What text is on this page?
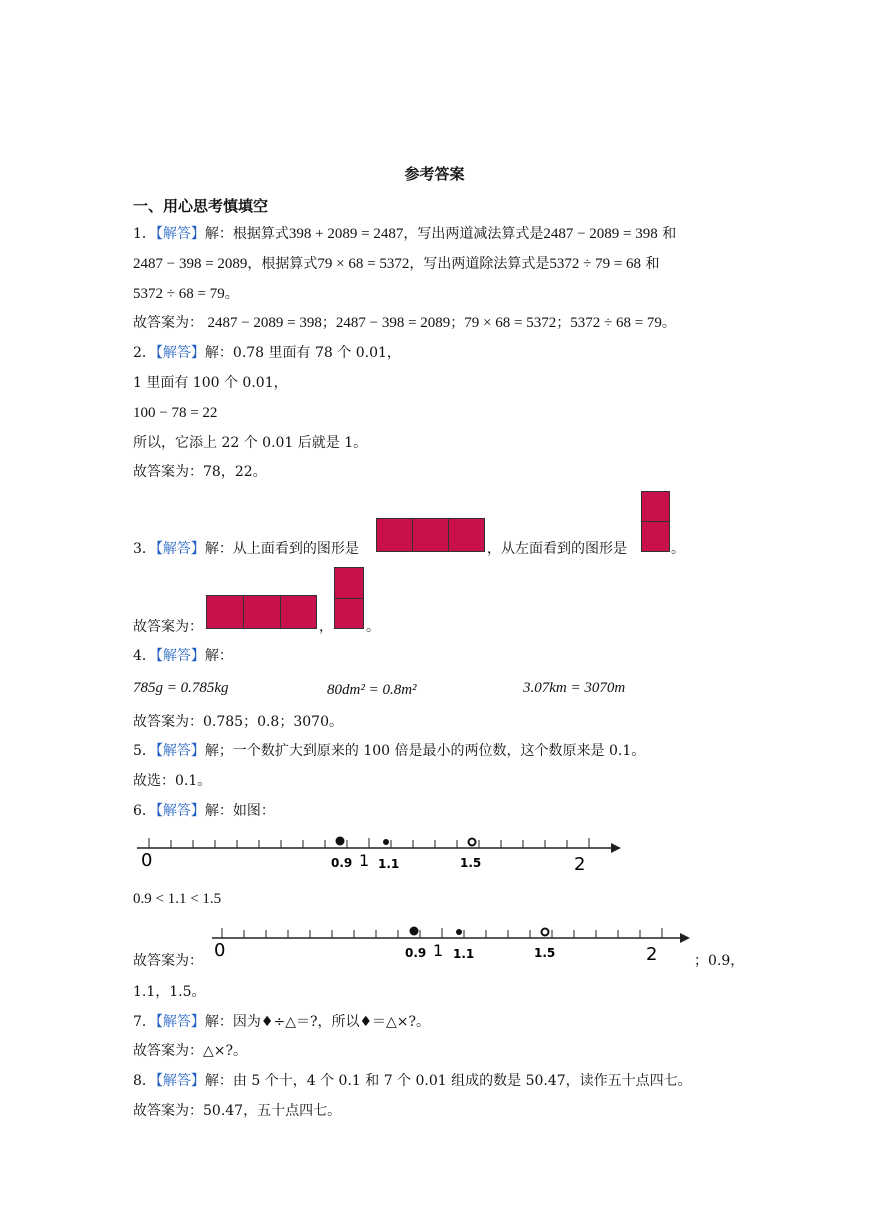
参考答案
一、用心思考慎填空
1．【解答】解：根据算式398 + 2089 = 2487，写出两道减法算式是2487 − 2089 = 398 和
2487 − 398 = 2089，根据算式79 × 68 = 5372，写出两道除法算式是5372 ÷ 79 = 68 和
5372 ÷ 68 = 79。
故答案为： 2487 − 2089 = 398；2487 − 398 = 2089；79 × 68 = 5372；5372 ÷ 68 = 79。
2．【解答】解：0.78 里面有 78 个 0.01，
1 里面有 100 个 0.01，
100 − 78 = 22
所以，它添上 22 个 0.01 后就是 1。
故答案为：78，22。
3．【解答】解：从上面看到的图形是	，从左面看到的图形是	。
故答案为：	， 。
4．【解答】解：
785g = 0.785kg	80dm² = 0.8m²	3.07km = 3070m
故答案为：0.785；0.8；3070。
5．【解答】解；一个数扩大到原来的 100 倍是最小的两位数，这个数原来是 0.1。
故选：0.1。
6．【解答】解：如图：
0	0.9 1 1.1	1.5	2
0.9 < 1.1 < 1.5
0	0.9 1 1.1	1.5	2
故答案为：	；0.9，
1.1，1.5。
7．【解答】解：因为♦÷△＝?，所以♦＝△×?。
故答案为：△×?。
8．【解答】解：由 5 个十，4 个 0.1 和 7 个 0.01 组成的数是 50.47，读作五十点四七。
故答案为：50.47，五十点四七。
